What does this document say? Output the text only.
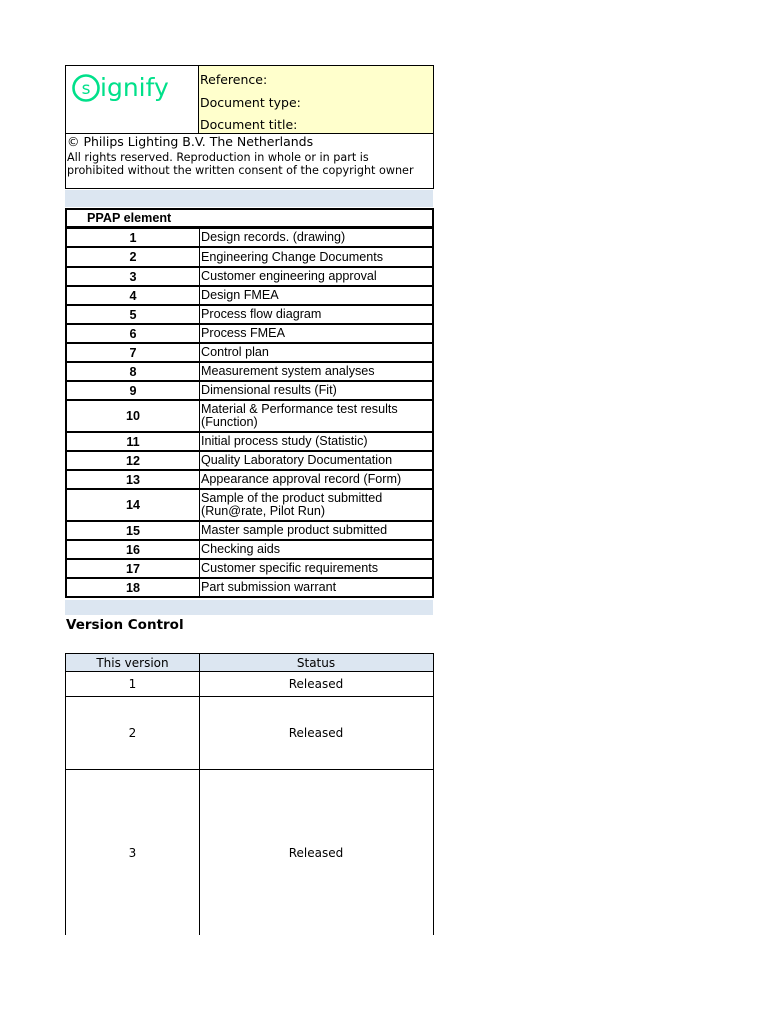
s ignify Reference:
Document type:
Document title:
© Philips Lighting B.V. The Netherlands
All rights reserved. Reproduction in whole or in part is
prohibited without the written consent of the copyright owner
PPAP element
1	Design records. (drawing)
2	Engineering Change Documents
3	Customer engineering approval
4	Design FMEA
5	Process flow diagram
6	Process FMEA
7	Control plan
8	Measurement system analyses
9	Dimensional results (Fit)
10	Material & Performance test results (Function)
11	Initial process study (Statistic)
12	Quality Laboratory Documentation
13	Appearance approval record (Form)
14	Sample of the product submitted (Run@rate, Pilot Run)
15	Master sample product submitted
16	Checking aids
17	Customer specific requirements
18	Part submission warrant
Version Control
This version	Status
1	Released
2	Released
3	Released
